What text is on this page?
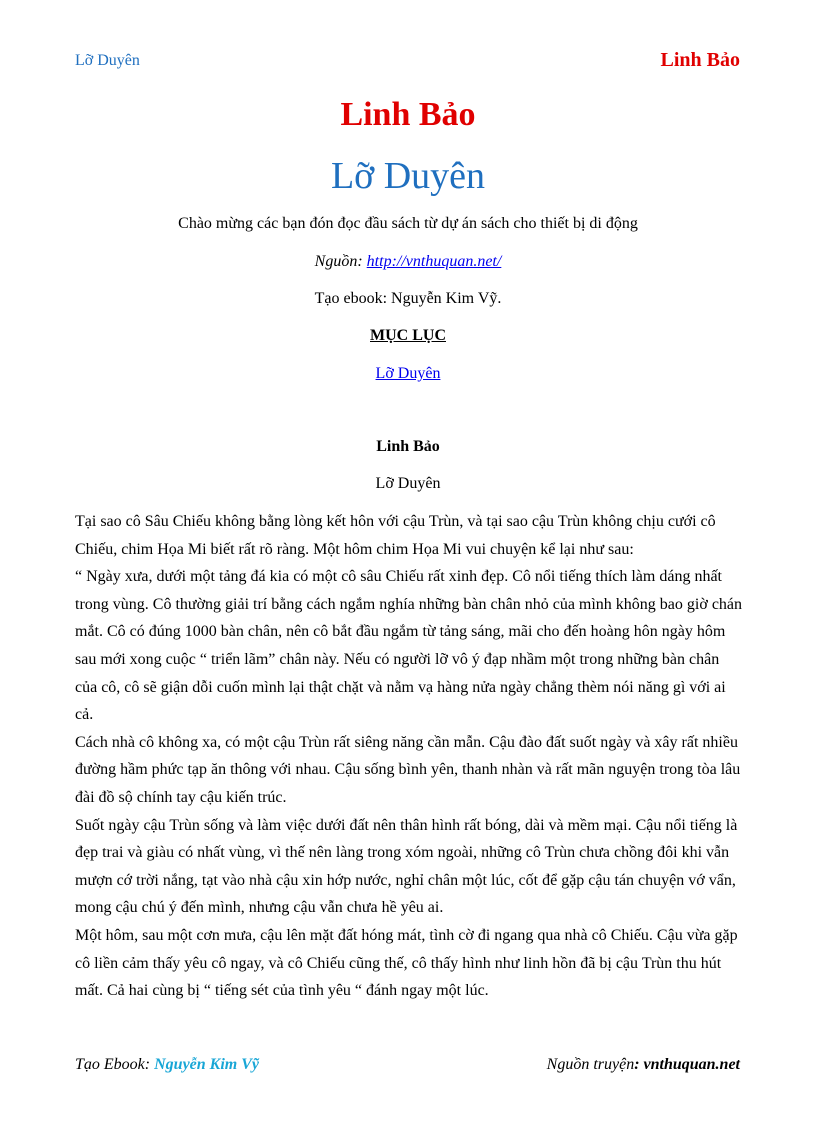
Lỡ Duyên	Linh Bảo
Linh Bảo
Lỡ Duyên
Chào mừng các bạn đón đọc đầu sách từ dự án sách cho thiết bị di động
Nguồn: http://vnthuquan.net/
Tạo ebook: Nguyễn Kim Vỹ.
MỤC LỤC
Lỡ Duyên
Linh Bảo
Lỡ Duyên

Tại sao cô Sâu Chiếu không bằng lòng kết hôn với cậu Trùn, và tại sao cậu Trùn không chịu cưới cô Chiếu, chim Họa Mi biết rất rõ ràng. Một hôm chim Họa Mi vui chuyện kể lại như sau:

“ Ngày xưa, dưới một tảng đá kia có một cô sâu Chiếu rất xinh đẹp. Cô nổi tiếng thích làm dáng nhất trong vùng. Cô thường giải trí bằng cách ngắm nghía những bàn chân nhỏ của mình không bao giờ chán mắt. Cô có đúng 1000 bàn chân, nên cô bắt đầu ngắm từ tảng sáng, mãi cho đến hoàng hôn ngày hôm sau mới xong cuộc “ triển lãm” chân này. Nếu có người lỡ vô ý đạp nhầm một trong những bàn chân của cô, cô sẽ giận dỗi cuốn mình lại thật chặt và nằm vạ hàng nửa ngày chẳng thèm nói năng gì với ai cả.

Cách nhà cô không xa, có một cậu Trùn rất siêng năng cần mẫn. Cậu đào đất suốt ngày và xây rất nhiều đường hầm phức tạp ăn thông với nhau. Cậu sống bình yên, thanh nhàn và rất mãn nguyện trong tòa lâu đài đồ sộ chính tay cậu kiến trúc.

Suốt ngày cậu Trùn sống và làm việc dưới đất nên thân hình rất bóng, dài và mềm mại. Cậu nổi tiếng là đẹp trai và giàu có nhất vùng, vì thế nên làng trong xóm ngoài, những cô Trùn chưa chồng đôi khi vẫn mượn cớ trời nắng, tạt vào nhà cậu xin hớp nước, nghỉ chân một lúc, cốt để gặp cậu tán chuyện vớ vẩn, mong cậu chú ý đến mình, nhưng cậu vẫn chưa hề yêu ai.

Một hôm, sau một cơn mưa, cậu lên mặt đất hóng mát, tình cờ đi ngang qua nhà cô Chiếu. Cậu vừa gặp cô liền cảm thấy yêu cô ngay, và cô Chiếu cũng thế, cô thấy hình như linh hồn đã bị cậu Trùn thu hút mất. Cả hai cùng bị “ tiếng sét của tình yêu “ đánh ngay một lúc.

Tạo Ebook: Nguyễn Kim Vỹ	Nguồn truyện: vnthuquan.net
